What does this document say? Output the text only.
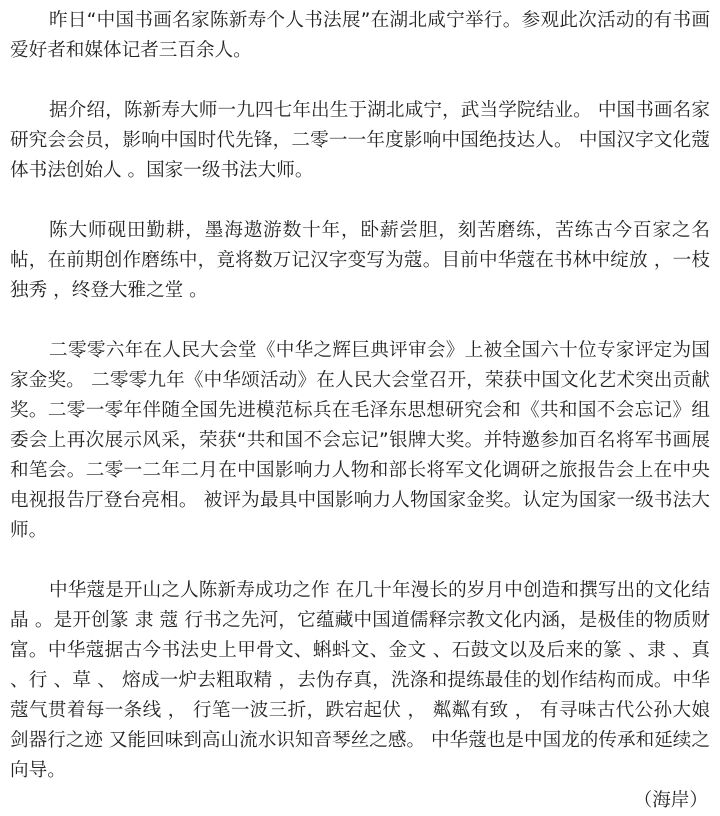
昨日“中国书画名家陈新寿个人书法展”在湖北咸宁举行。参观此次活动的有书画爱好者和媒体记者三百余人。

据介绍，陈新寿大师一九四七年出生于湖北咸宁，武当学院结业。 中国书画名家研究会会员，影响中国时代先锋，二零一一年度影响中国绝技达人。 中国汉字文化蔻体书法创始人 。国家一级书法大师。

陈大师砚田勤耕，墨海遨游数十年，卧薪尝胆，刻苦磨练，苦练古今百家之名帖，在前期创作磨练中，竟将数万记汉字变写为蔻。目前中华蔻在书林中绽放 ，一枝独秀 ，终登大雅之堂 。

二零零六年在人民大会堂《中华之辉巨典评审会》上被全国六十位专家评定为国家金奖。 二零零九年《中华颂活动》在人民大会堂召开，荣获中国文化艺术突出贡献奖。二零一零年伴随全国先进模范标兵在毛泽东思想研究会和《共和国不会忘记》组委会上再次展示风采，荣获“共和国不会忘记”银牌大奖。并特邀参加百名将军书画展和笔会。二零一二年二月在中国影响力人物和部长将军文化调研之旅报告会上在中央电视报告厅登台亮相。 被评为最具中国影响力人物国家金奖。认定为国家一级书法大师。

中华蔻是开山之人陈新寿成功之作 在几十年漫长的岁月中创造和撰写出的文化结晶 。是开创篆 隶 蔻 行书之先河，它蕴藏中国道儒释宗教文化内涵，是极佳的物质财富。中华蔻据古今书法史上甲骨文、蝌蚪文、金文 、石鼓文以及后来的篆 、隶 、真 、行 、草 、 熔成一炉去粗取精 ，去伪存真，洗涤和提练最佳的划作结构而成。中华蔻气贯着每一条线 ， 行笔一波三折，跌宕起伏 ， 粼粼有致 ， 有寻味古代公孙大娘剑器行之迹 又能回味到高山流水识知音琴丝之感。 中华蔻也是中国龙的传承和延续之向导。

（海岸）
